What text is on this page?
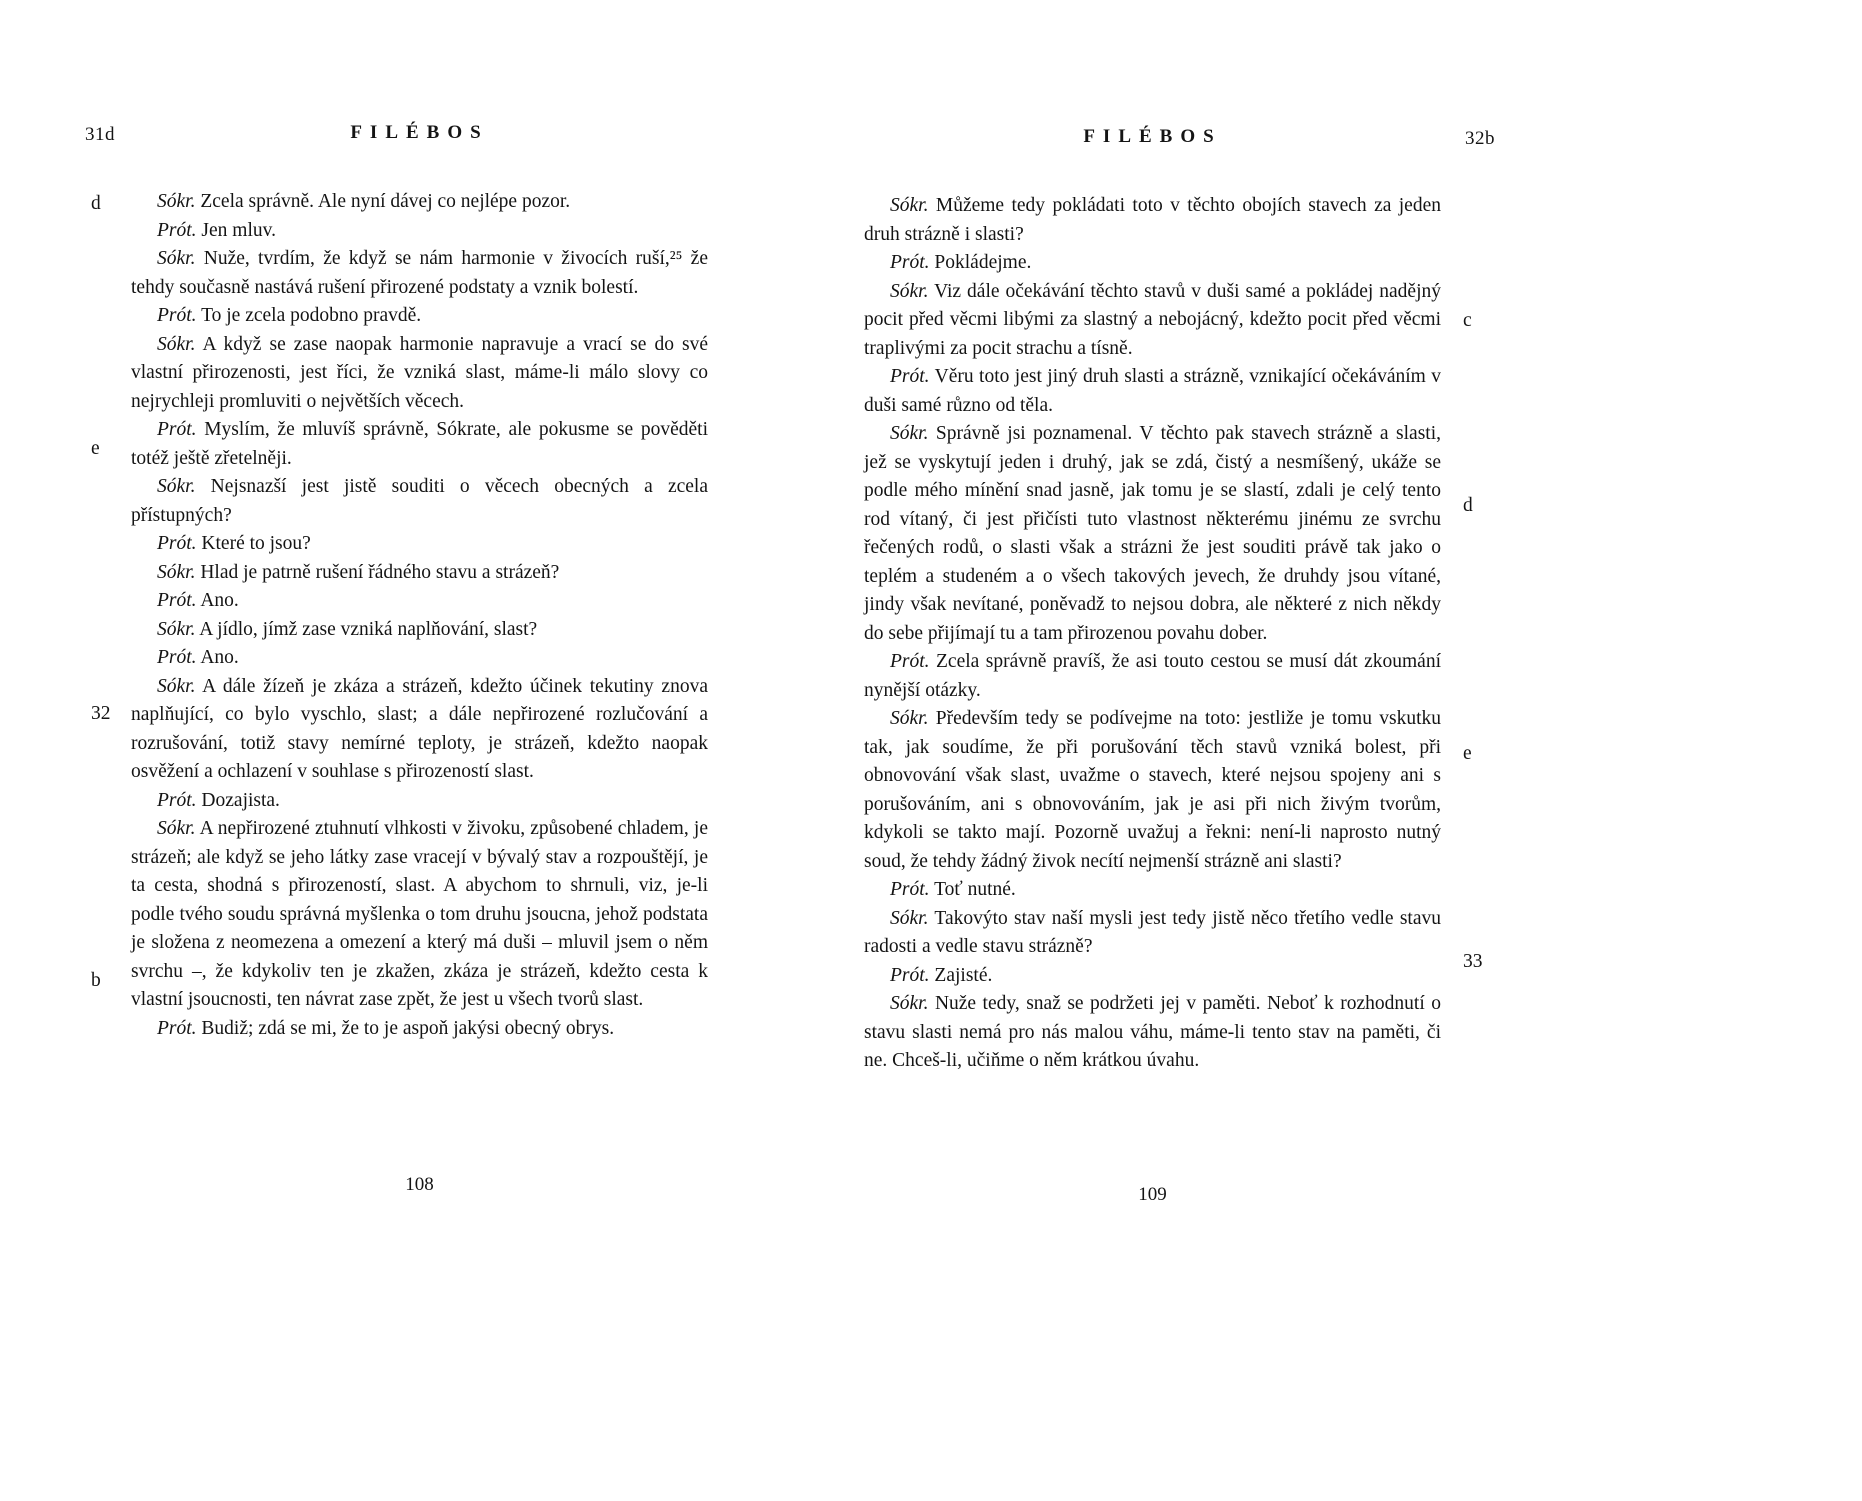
31d	FILÉBOS
d
e
32
b

Sókr. Zcela správně. Ale nyní dávej co nejlépe pozor.

Prót. Jen mluv.

Sókr. Nuže, tvrdím, že když se nám harmonie v živocích ruší,²⁵ že tehdy současně nastává rušení přirozené podstaty a vznik bolestí.

Prót. To je zcela podobno pravdě.

Sókr. A když se zase naopak harmonie napravuje a vrací se do své vlastní přirozenosti, jest říci, že vzniká slast, máme-li málo slovy co nejrychleji promluviti o největších věcech.

Prót. Myslím, že mluvíš správně, Sókrate, ale pokusme se pověděti totéž ještě zřetelněji.

Sókr. Nejsnazší jest jistě souditi o věcech obecných a zcela přístupných?

Prót. Které to jsou?

Sókr. Hlad je patrně rušení řádného stavu a strázeň?

Prót. Ano.

Sókr. A jídlo, jímž zase vzniká naplňování, slast?

Prót. Ano.

Sókr. A dále žízeň je zkáza a strázeň, kdežto účinek tekutiny znova naplňující, co bylo vyschlo, slast; a dále nepřirozené rozlučování a rozrušování, totiž stavy nemírné teploty, je strázeň, kdežto naopak osvěžení a ochlazení v souhlase s přirozeností slast.

Prót. Dozajista.

Sókr. A nepřirozené ztuhnutí vlhkosti v živoku, způsobené chladem, je strázeň; ale když se jeho látky zase vracejí v bývalý stav a rozpouštějí, je ta cesta, shodná s přirozeností, slast. A abychom to shrnuli, viz, je-li podle tvého soudu správná myšlenka o tom druhu jsoucna, jehož podstata je složena z neomezena a omezení a který má duši – mluvil jsem o něm svrchu –, že kdykoliv ten je zkažen, zkáza je strázeň, kdežto cesta k vlastní jsoucnosti, ten návrat zase zpět, že jest u všech tvorů slast.

Prót. Budiž; zdá se mi, že to je aspoň jakýsi obecný obrys.

108
32b
FILÉBOS
c
d
e
33

Sókr. Můžeme tedy pokládati toto v těchto obojích stavech za jeden druh strázně i slasti?

Prót. Pokládejme.

Sókr. Viz dále očekávání těchto stavů v duši samé a pokládej nadějný pocit před věcmi libými za slastný a nebojácný, kdežto pocit před věcmi traplivými za pocit strachu a tísně.

Prót. Věru toto jest jiný druh slasti a strázně, vznikající očekáváním v duši samé různo od těla.

Sókr. Správně jsi poznamenal. V těchto pak stavech strázně a slasti, jež se vyskytují jeden i druhý, jak se zdá, čistý a nesmíšený, ukáže se podle mého mínění snad jasně, jak tomu je se slastí, zdali je celý tento rod vítaný, či jest přičísti tuto vlastnost některému jinému ze svrchu řečených rodů, o slasti však a strázni že jest souditi právě tak jako o teplém a studeném a o všech takových jevech, že druhdy jsou vítané, jindy však nevítané, poněvadž to nejsou dobra, ale některé z nich někdy do sebe přijímají tu a tam přirozenou povahu dober.

Prót. Zcela správně pravíš, že asi touto cestou se musí dát zkoumání nynější otázky.

Sókr. Především tedy se podívejme na toto: jestliže je tomu vskutku tak, jak soudíme, že při porušování těch stavů vzniká bolest, při obnovování však slast, uvažme o stavech, které nejsou spojeny ani s porušováním, ani s obnovováním, jak je asi při nich živým tvorům, kdykoli se takto mají. Pozorně uvažuj a řekni: není-li naprosto nutný soud, že tehdy žádný živok necítí nejmenší strázně ani slasti?

Prót. Toť nutné.

Sókr. Takovýto stav naší mysli jest tedy jistě něco třetího vedle stavu radosti a vedle stavu strázně?

Prót. Zajisté.

Sókr. Nuže tedy, snaž se podržeti jej v paměti. Neboť k rozhodnutí o stavu slasti nemá pro nás malou váhu, máme-li tento stav na paměti, či ne. Chceš-li, učiňme o něm krátkou úvahu.

109
